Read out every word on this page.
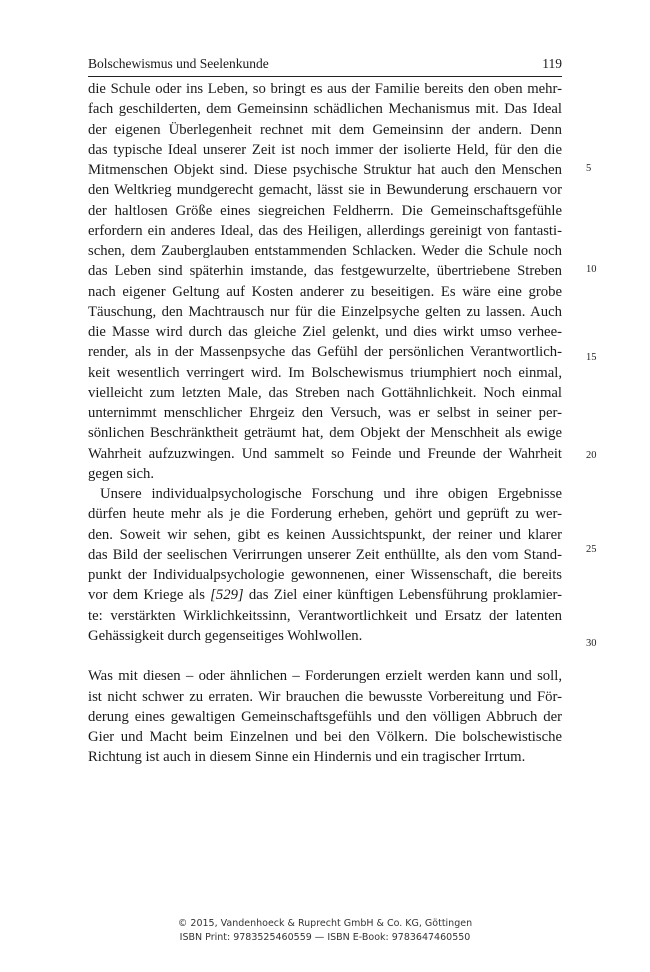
Bolschewismus und Seelenkunde	119
die Schule oder ins Leben, so bringt es aus der Familie bereits den oben mehr-
fach geschilderten, dem Gemeinsinn schädlichen Mechanismus mit. Das Ideal
der eigenen Überlegenheit rechnet mit dem Gemeinsinn der andern. Denn
das typische Ideal unserer Zeit ist noch immer der isolierte Held, für den die
Mitmenschen Objekt sind. Diese psychische Struktur hat auch den Menschen
den Weltkrieg mundgerecht gemacht, lässt sie in Bewunderung erschauern vor
der haltlosen Größe eines siegreichen Feldherrn. Die Gemeinschaftsgefühle
erfordern ein anderes Ideal, das des Heiligen, allerdings gereinigt von fantasti-
schen, dem Zauberglauben entstammenden Schlacken. Weder die Schule noch
das Leben sind späterhin imstande, das festgewurzelte, übertriebene Streben
nach eigener Geltung auf Kosten anderer zu beseitigen. Es wäre eine grobe
Täuschung, den Machtrausch nur für die Einzelpsyche gelten zu lassen. Auch
die Masse wird durch das gleiche Ziel gelenkt, und dies wirkt umso verhee-
render, als in der Massenpsyche das Gefühl der persönlichen Verantwortlich-
keit wesentlich verringert wird. Im Bolschewismus triumphiert noch einmal,
vielleicht zum letzten Male, das Streben nach Gottähnlichkeit. Noch einmal
unternimmt menschlicher Ehrgeiz den Versuch, was er selbst in seiner per-
sönlichen Beschränktheit geträumt hat, dem Objekt der Menschheit als ewige
Wahrheit aufzuzwingen. Und sammelt so Feinde und Freunde der Wahrheit
gegen sich.
Unsere individualpsychologische Forschung und ihre obigen Ergebnisse
dürfen heute mehr als je die Forderung erheben, gehört und geprüft zu wer-
den. Soweit wir sehen, gibt es keinen Aussichtspunkt, der reiner und klarer
das Bild der seelischen Verirrungen unserer Zeit enthüllte, als den vom Stand-
punkt der Individualpsychologie gewonnenen, einer Wissenschaft, die bereits
vor dem Kriege als [529] das Ziel einer künftigen Lebensführung proklamier-
te: verstärkten Wirklichkeitssinn, Verantwortlichkeit und Ersatz der latenten
Gehässigkeit durch gegenseitiges Wohlwollen.
Was mit diesen – oder ähnlichen – Forderungen erzielt werden kann und soll,
ist nicht schwer zu erraten. Wir brauchen die bewusste Vorbereitung und För-
derung eines gewaltigen Gemeinschaftsgefühls und den völligen Abbruch der
Gier und Macht beim Einzelnen und bei den Völkern. Die bolschewistische
Richtung ist auch in diesem Sinne ein Hindernis und ein tragischer Irrtum.
5
10
15
20
25
30
© 2015, Vandenhoeck & Ruprecht GmbH & Co. KG, Göttingen
ISBN Print: 9783525460559 — ISBN E-Book: 9783647460550
